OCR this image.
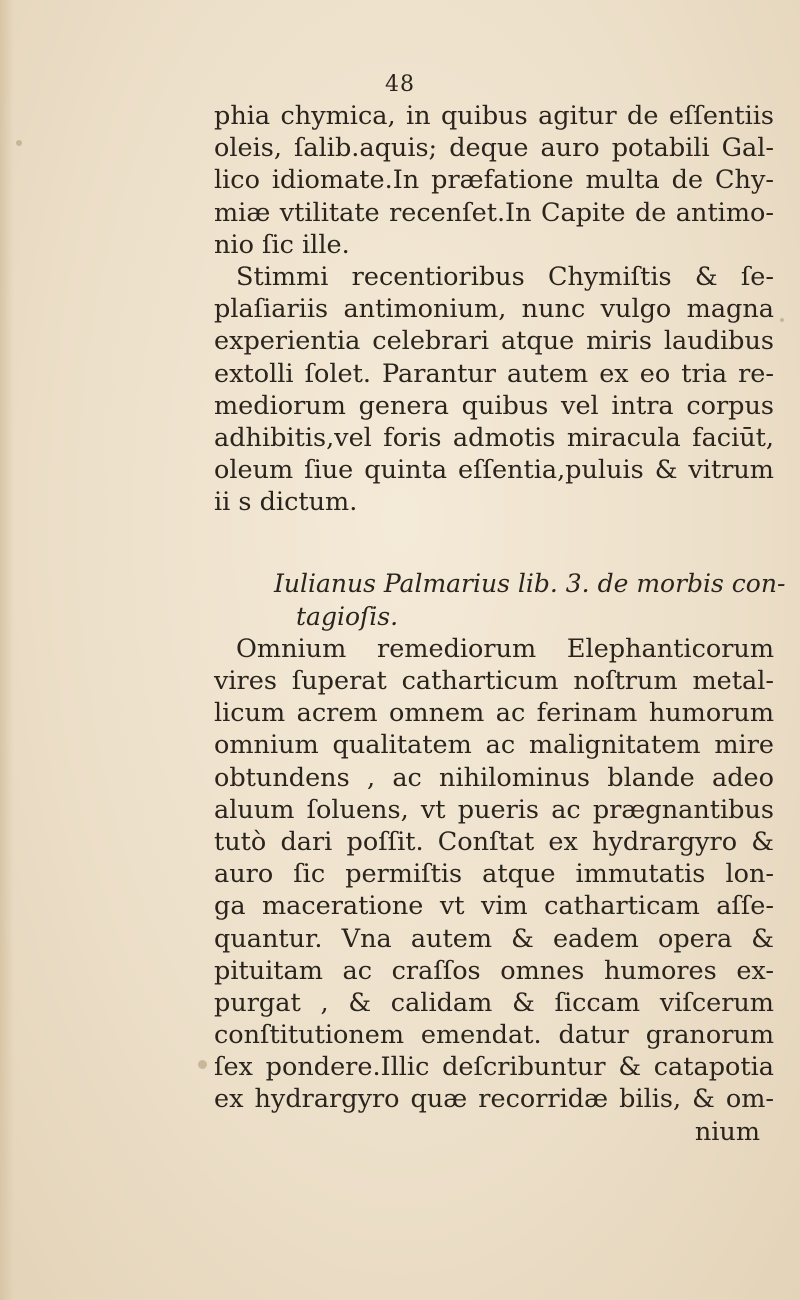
48
phia chymica, in quibus agitur de eſſentiis
oleis, ſalib.aquis; deque auro potabili Gal-
lico idiomate.In præfatione multa de Chy-
miæ vtilitate recenſet.In Capite de antimo-
nio ſic ille.
Stimmi recentioribus Chymiſtis & ſe-
plaſiariis antimonium, nunc vulgo magna
experientia celebrari atque miris laudibus
extolli ſolet. Parantur autem ex eo tria re-
mediorum genera quibus vel intra corpus
adhibitis,vel foris admotis miracula faciūt,
oleum ſiue quinta eſſentia,puluis & vitrum
ii s dictum.
Iulianus Palmarius lib. 3. de morbis con-
tagioſis.
Omnium remediorum Elephanticorum
vires ſuperat catharticum noſtrum metal-
licum acrem omnem ac ferinam humorum
omnium qualitatem ac malignitatem mire
obtundens , ac nihilominus blande adeo
aluum ſoluens, vt pueris ac prægnantibus
tutò dari poſſit. Conſtat ex hydrargyro &
auro ſic permiſtis atque immutatis lon-
ga maceratione vt vim catharticam aſſe-
quantur. Vna autem & eadem opera &
pituitam ac craſſos omnes humores ex-
purgat , & calidam & ſiccam viſcerum
conſtitutionem emendat. datur granorum
ſex pondere.Illic deſcribuntur & catapotia
ex hydrargyro quæ recorridæ bilis, & om-
nium
